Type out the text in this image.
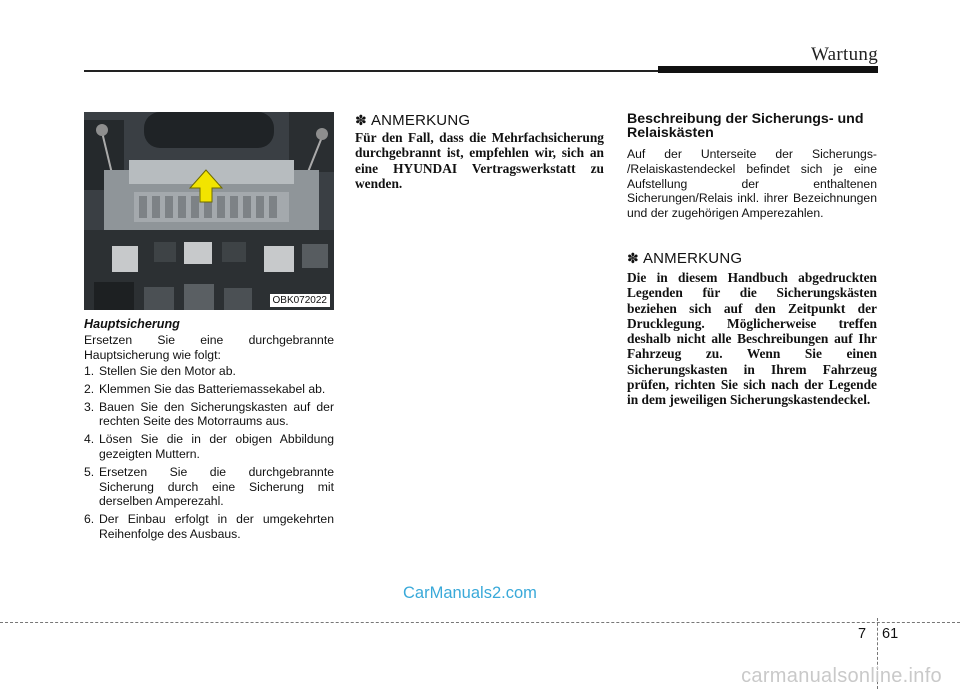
Wartung
OBK072022
Hauptsicherung
Ersetzen Sie eine durchgebrannte Hauptsicherung wie folgt:
1. Stellen Sie den Motor ab.
2. Klemmen Sie das Batteriemassekabel ab.
3. Bauen Sie den Sicherungskasten auf der rechten Seite des Motorraums aus.
4. Lösen Sie die in der obigen Abbildung gezeigten Muttern.
5. Ersetzen Sie die durchgebrannte Sicherung durch eine Sicherung mit derselben Amperezahl.
6. Der Einbau erfolgt in der umgekehrten Reihenfolge des Ausbaus.
✽ ANMERKUNG
Für den Fall, dass die Mehrfachsicherung durchgebrannt ist, empfehlen wir, sich an eine HYUNDAI Vertragswerkstatt zu wenden.
Beschreibung der Sicherungs- und Relaiskästen
Auf der Unterseite der Sicherungs- /Relaiskastendeckel befindet sich je eine Aufstellung der enthaltenen Sicherungen/Relais inkl. ihrer Bezeichnungen und der zugehörigen Amperezahlen.
✽ ANMERKUNG
Die in diesem Handbuch abgedruckten Legenden für die Sicherungskästen beziehen sich auf den Zeitpunkt der Drucklegung. Möglicherweise treffen deshalb nicht alle Beschreibungen auf Ihr Fahrzeug zu. Wenn Sie einen Sicherungskasten in Ihrem Fahrzeug prüfen, richten Sie sich nach der Legende in dem jeweiligen Sicherungskastendeckel.
CarManuals2.com
7 61
carmanualsonline.info
